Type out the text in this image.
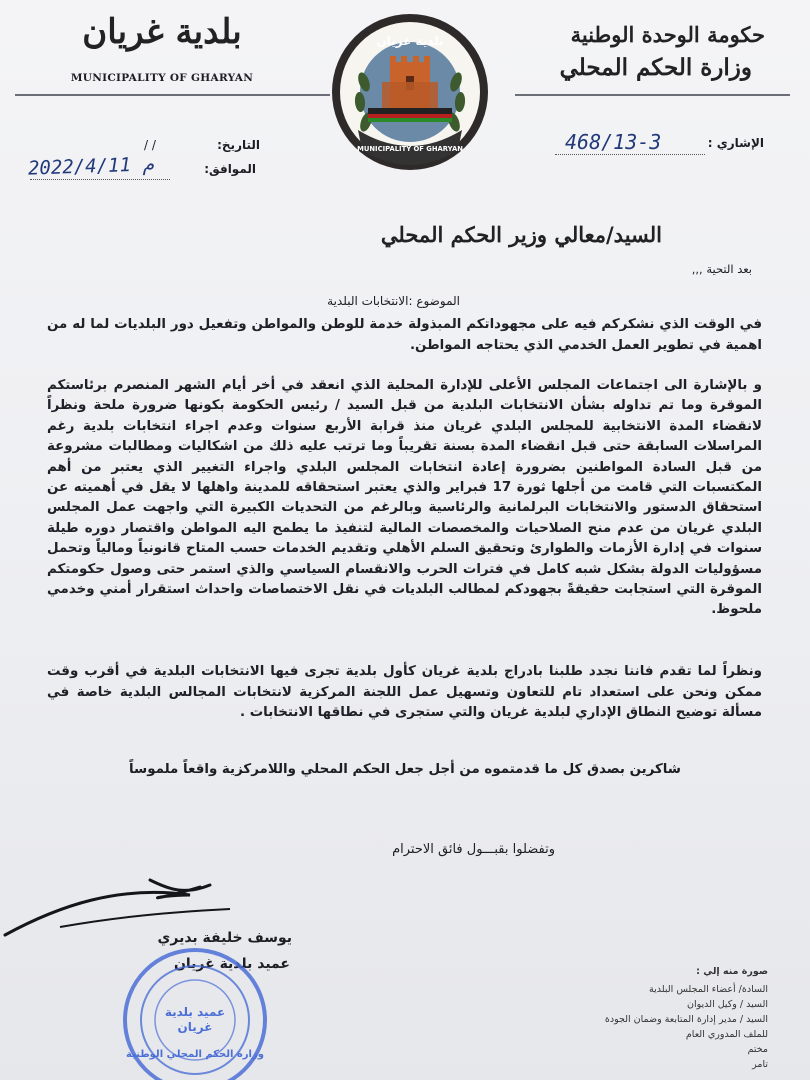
بلدية غريان
MUNICIPALITY OF GHARYAN
حكومة الوحدة الوطنية
وزارة الحكم المحلي
بلدية غريان
MUNICIPALITY OF GHARYAN
التاريخ:
/ /
الموافق:
2022/4/11 م
الإشاري :
468/13-3
السيد/معالي وزير الحكم المحلي
بعد التحية ,,,
الموضوع :الانتخابات البلدية
في الوقت الذي نشكركم فيه على مجهوداتكم المبذولة خدمة للوطن والمواطن وتفعيل دور البلديات لما له من اهمية في تطوير العمل الخدمي الذي يحتاجه المواطن.
و بالإشارة الى اجتماعات المجلس الأعلى للإدارة المحلية الذي انعقد في أخر أيام الشهر المنصرم برئاستكم الموقرة وما تم تداوله بشأن الانتخابات البلدية من قبل السيد / رئيس الحكومة بكونها ضرورة ملحة ونظراً لانقضاء المدة الانتخابية للمجلس البلدي غريان منذ قرابة الأربع سنوات وعدم اجراء انتخابات بلدية رغم المراسلات السابقة حتى قبل انقضاء المدة بسنة تقريباً وما ترتب عليه ذلك من اشكاليات ومطالبات مشروعة من قبل السادة المواطنين بضرورة إعادة انتخابات المجلس البلدي واجراء التغيير الذي يعتبر من أهم المكتسبات التي قامت من أجلها ثورة 17 فبراير والذي يعتبر استحقاقه للمدينة واهلها لا يقل في أهميته عن استحقاق الدستور والانتخابات البرلمانية والرئاسية وبالرغم من التحديات الكبيرة التي واجهت عمل المجلس البلدي غريان من عدم منح الصلاحيات والمخصصات المالية لتنفيذ ما يطمح اليه المواطن واقتصار دوره طيلة سنوات في إدارة الأزمات والطوارئ وتحقيق السلم الأهلي وتقديم الخدمات حسب المتاح قانونياً ومالياً وتحمل مسؤوليات الدولة بشكل شبه كامل في فترات الحرب والانقسام السياسي والذي استمر حتى وصول حكومتكم الموقرة التي استجابت حقيقةً بجهودكم لمطالب البلديات في نقل الاختصاصات واحداث استقرار أمني وخدمي ملحوظ.
ونظراً لما تقدم فاننا نجدد طلبنا بادراج بلدية غريان كأول بلدية تجرى فيها الانتخابات البلدية في أقرب وقت ممكن ونحن على استعداد تام للتعاون وتسهيل عمل اللجنة المركزية لانتخابات المجالس البلدية خاصة في مسألة توضيح النطاق الإداري لبلدية غريان والتي ستجرى في نطاقها الانتخابات .
شاكرين بصدق كل ما قدمتموه من أجل جعل الحكم المحلي واللامركزية واقعاً ملموساً
وتفضلوا بقبـــول فائق الاحترام
يوسف خليفة بديري
عميد بلدية غريان
وزارة الحكم المحلي الوطنية
عميد بلدية غريان
صورة منه إلي :
السادة/ أعضاء المجلس البلدية
السيد / وكيل الديوان
السيد / مدير إدارة المتابعة وضمان الجودة
للملف المدوري العام
مختم
تامر
